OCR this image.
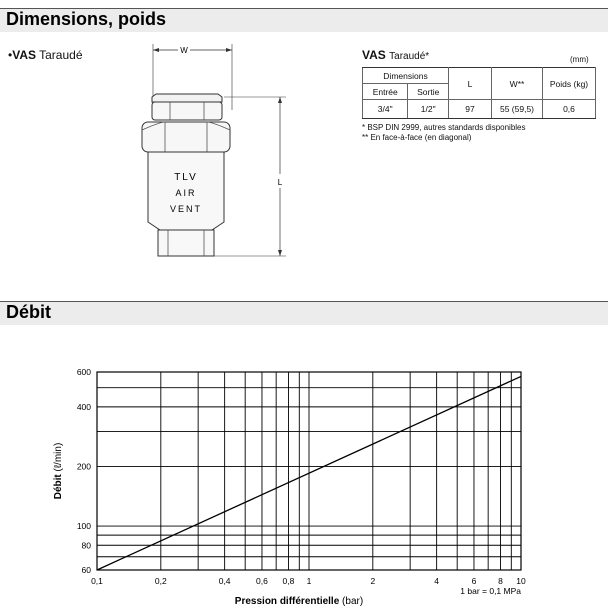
Dimensions, poids
•VAS Taraudé	W
TLV
AIR
VENT
L
VAS Taraudé*	(mm)
Dimensions		L	W**	Poids (kg)
Entrée	Sortie			
3/4"	1/2"	97	55 (59,5)	0,6
* BSP DIN 2999, autres standards disponibles
** En face-à-face (en diagonal)
Débit
0,1	0,2	0,4	0,6 0,8 1	2	4	6	8 10
60
80
100
200
400
600
Pression différentielle (bar)
Débit (ℓ/min)
1 bar = 0,1 MPa
